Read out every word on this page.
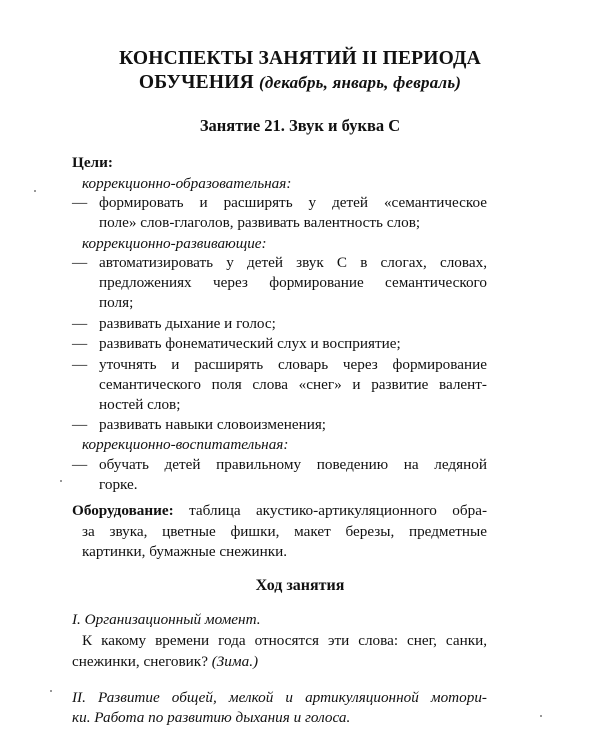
КОНСПЕКТЫ ЗАНЯТИЙ II ПЕРИОДА
ОБУЧЕНИЯ (декабрь, январь, февраль)
Занятие 21. Звук и буква С
Цели:
коррекционно-образовательная:
— формировать и расширять у детей «семантическое
поле» слов-глаголов, развивать валентность слов;
коррекционно-развивающие:
— автоматизировать у детей звук С в слогах, словах,
предложениях через формирование семантического
поля;
— развивать дыхание и голос;
— развивать фонематический слух и восприятие;
— уточнять и расширять словарь через формирование
семантического поля слова «снег» и развитие валент-
ностей слов;
— развивать навыки словоизменения;
коррекционно-воспитательная:
— обучать детей правильному поведению на ледяной
горке.
Оборудование: таблица акустико-артикуляционного обра-
за звука, цветные фишки, макет березы, предметные
картинки, бумажные снежинки.
Ход занятия
I. Организационный момент.
К какому времени года относятся эти слова: снег, санки,
снежинки, снеговик? (Зима.)
II. Развитие общей, мелкой и артикуляционной мотори-
ки. Работа по развитию дыхания и голоса.
